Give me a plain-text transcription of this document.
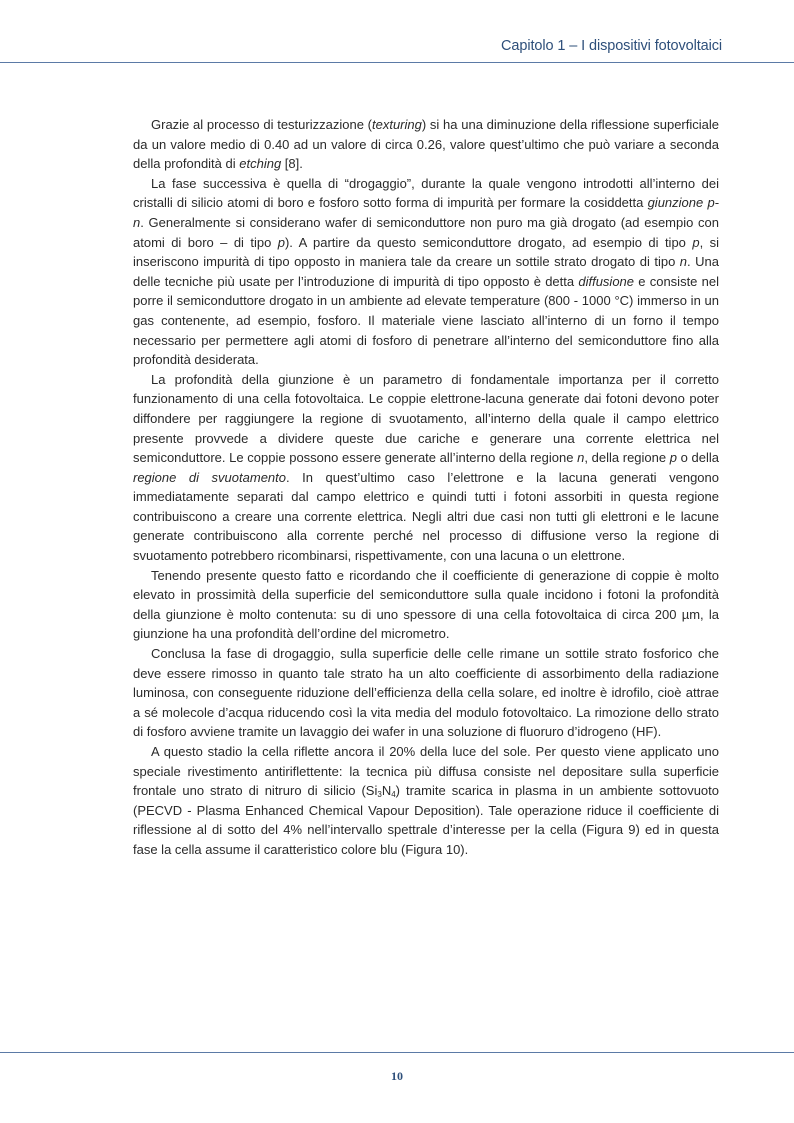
Capitolo 1 – I dispositivi fotovoltaici

Grazie al processo di testurizzazione (texturing) si ha una diminuzione della riflessione superficiale da un valore medio di 0.40 ad un valore di circa 0.26, valore quest’ultimo che può variare a seconda della profondità di etching [8].

La fase successiva è quella di “drogaggio”, durante la quale vengono introdotti all’interno dei cristalli di silicio atomi di boro e fosforo sotto forma di impurità per formare la cosiddetta giunzione p-n. Generalmente si considerano wafer di semiconduttore non puro ma già drogato (ad esempio con atomi di boro – di tipo p). A partire da questo semiconduttore drogato, ad esempio di tipo p, si inseriscono impurità di tipo opposto in maniera tale da creare un sottile strato drogato di tipo n. Una delle tecniche più usate per l’introduzione di impurità di tipo opposto è detta diffusione e consiste nel porre il semiconduttore drogato in un ambiente ad elevate temperature (800 - 1000 °C) immerso in un gas contenente, ad esempio, fosforo. Il materiale viene lasciato all’interno di un forno il tempo necessario per permettere agli atomi di fosforo di penetrare all’interno del semiconduttore fino alla profondità desiderata.

La profondità della giunzione è un parametro di fondamentale importanza per il corretto funzionamento di una cella fotovoltaica. Le coppie elettrone-lacuna generate dai fotoni devono poter diffondere per raggiungere la regione di svuotamento, all’interno della quale il campo elettrico presente provvede a dividere queste due cariche e generare una corrente elettrica nel semiconduttore. Le coppie possono essere generate all’interno della regione n, della regione p o della regione di svuotamento. In quest’ultimo caso l’elettrone e la lacuna generati vengono immediatamente separati dal campo elettrico e quindi tutti i fotoni assorbiti in questa regione contribuiscono a creare una corrente elettrica. Negli altri due casi non tutti gli elettroni e le lacune generate contribuiscono alla corrente perché nel processo di diffusione verso la regione di svuotamento potrebbero ricombinarsi, rispettivamente, con una lacuna o un elettrone.

Tenendo presente questo fatto e ricordando che il coefficiente di generazione di coppie è molto elevato in prossimità della superficie del semiconduttore sulla quale incidono i fotoni la profondità della giunzione è molto contenuta: su di uno spessore di una cella fotovoltaica di circa 200 µm, la giunzione ha una profondità dell’ordine del micrometro.

Conclusa la fase di drogaggio, sulla superficie delle celle rimane un sottile strato fosforico che deve essere rimosso in quanto tale strato ha un alto coefficiente di assorbimento della radiazione luminosa, con conseguente riduzione dell’efficienza della cella solare, ed inoltre è idrofilo, cioè attrae a sé molecole d’acqua riducendo così la vita media del modulo fotovoltaico. La rimozione dello strato di fosforo avviene tramite un lavaggio dei wafer in una soluzione di fluoruro d’idrogeno (HF).

A questo stadio la cella riflette ancora il 20% della luce del sole. Per questo viene applicato uno speciale rivestimento antiriflettente: la tecnica più diffusa consiste nel depositare sulla superficie frontale uno strato di nitruro di silicio $(Si_3N_4)$ tramite scarica in plasma in un ambiente sottovuoto (PECVD - Plasma Enhanced Chemical Vapour Deposition). Tale operazione riduce il coefficiente di riflessione al di sotto del 4% nell’intervallo spettrale d’interesse per la cella (Figura 9) ed in questa fase la cella assume il caratteristico colore blu (Figura 10).

10
